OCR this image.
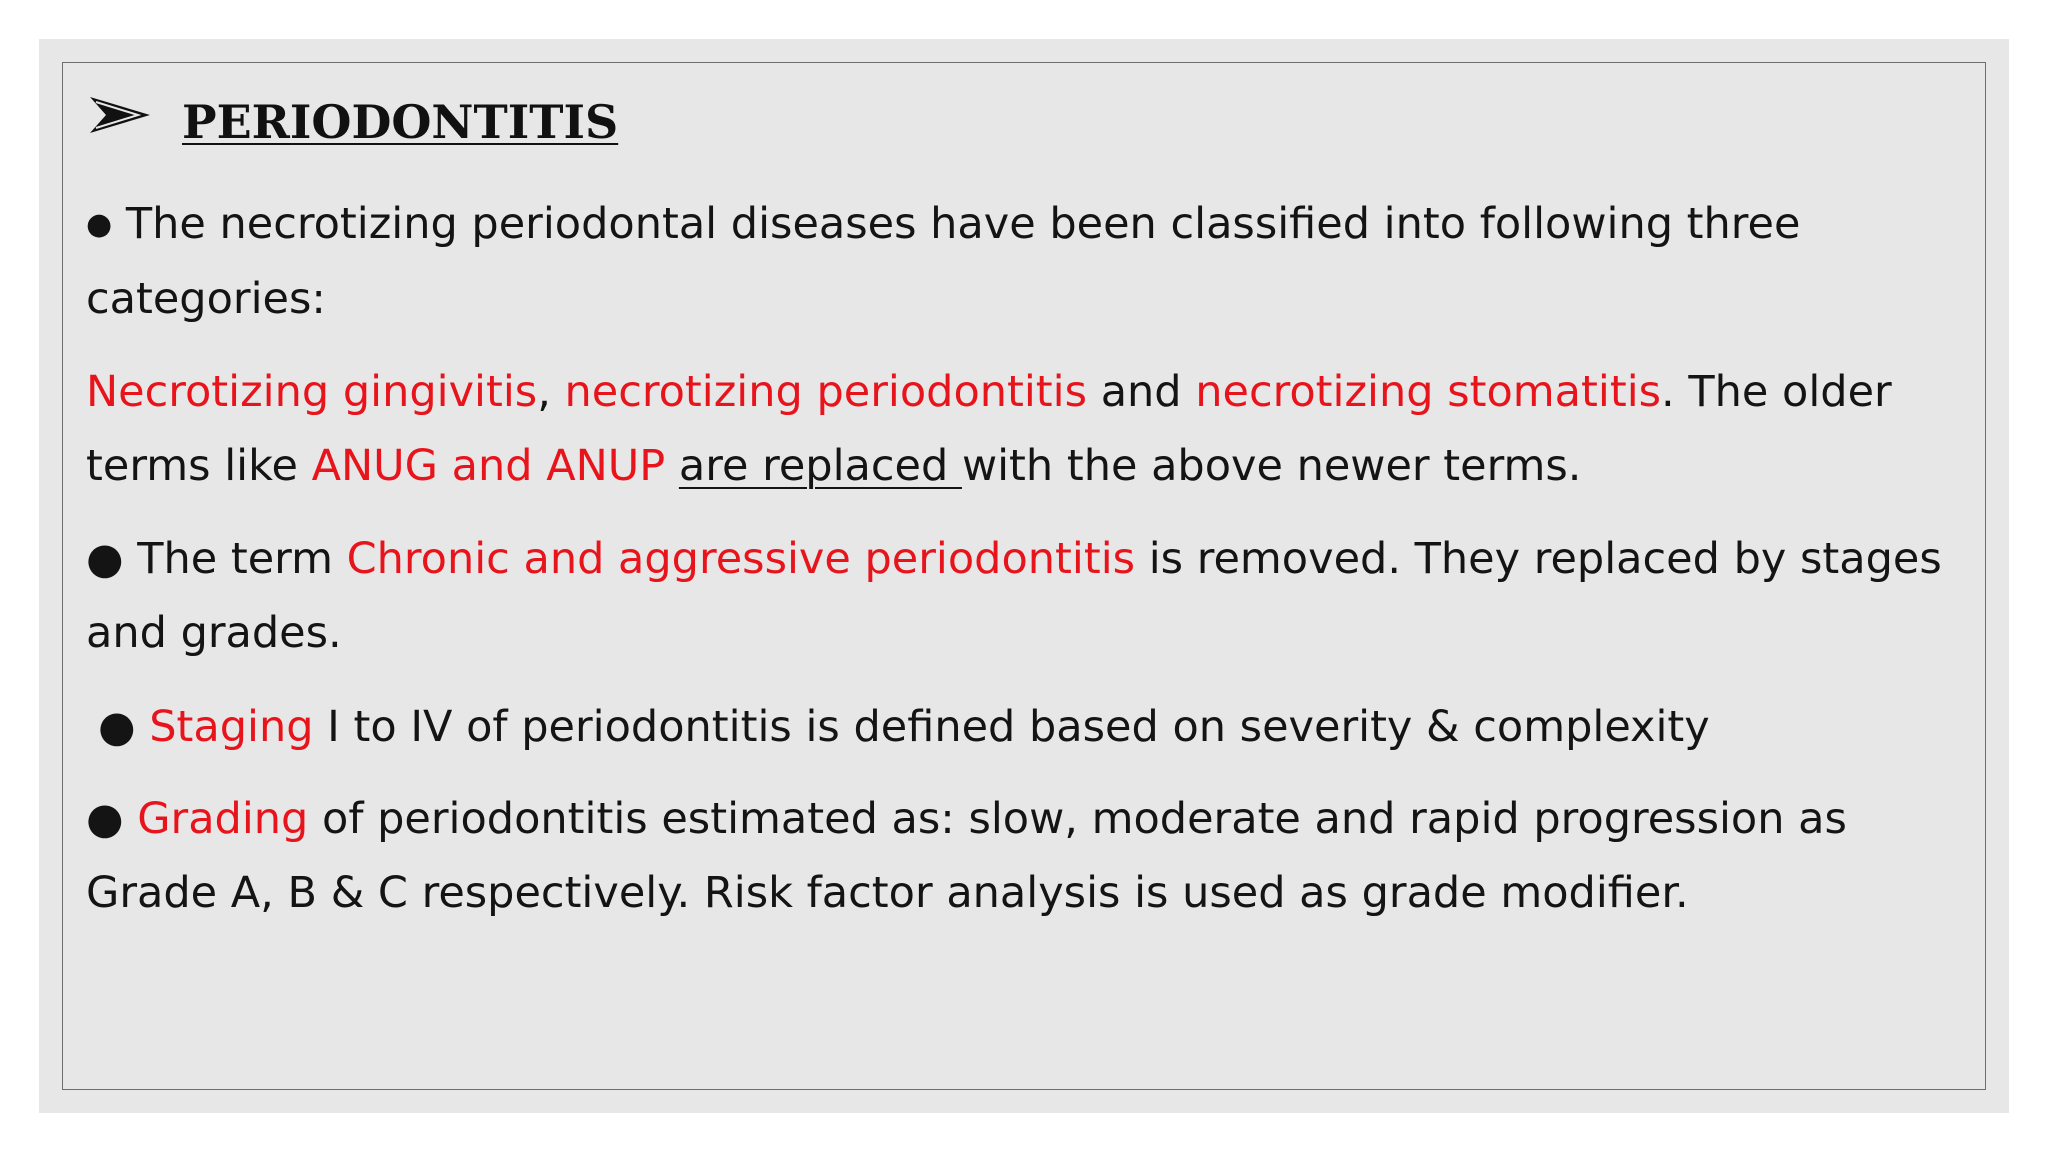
PERIODONTITIS
● The necrotizing periodontal diseases have been classified into following three categories:
Necrotizing gingivitis, necrotizing periodontitis and necrotizing stomatitis. The older terms like ANUG and ANUP are replaced with the above newer terms.
● The term Chronic and aggressive periodontitis is removed. They replaced by stages and grades.
● Staging I to IV of periodontitis is defined based on severity & complexity
● Grading of periodontitis estimated as: slow, moderate and rapid progression as Grade A, B & C respectively. Risk factor analysis is used as grade modifier.
